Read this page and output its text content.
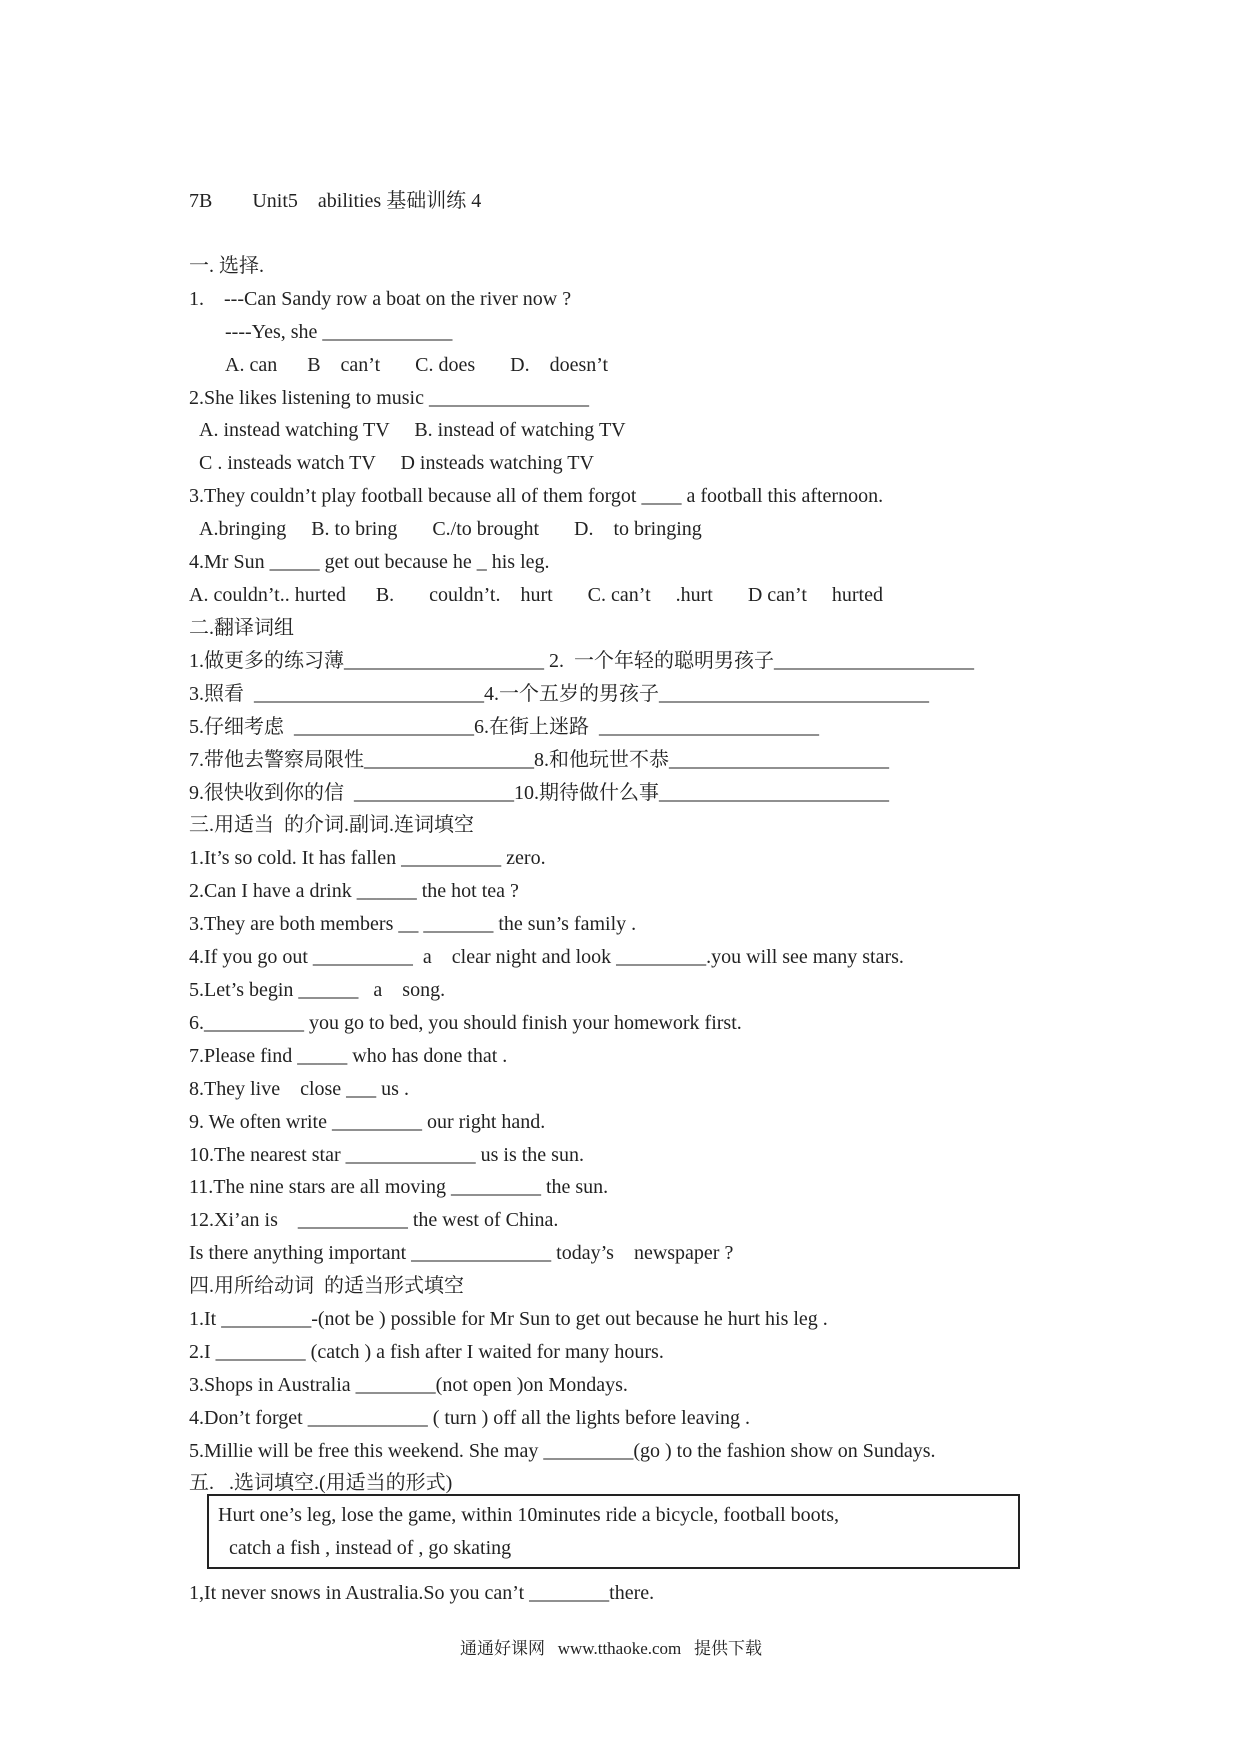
7B        Unit5    abilities 基础训练 4
一. 选择.
1.    ---Can Sandy row a boat on the river now ?
----Yes, she _____________
A. can      B    can’t       C. does       D.    doesn’t
2.She likes listening to music ________________
A. instead watching TV     B. instead of watching TV
C . insteads watch TV     D insteads watching TV
3.They couldn’t play football because all of them forgot ____ a football this afternoon.
A.bringing     B. to bring       C./to brought       D.    to bringing
4.Mr Sun _____ get out because he _ his leg.
A. couldn’t.. hurted      B.       couldn’t.    hurt       C. can’t     .hurt       D can’t     hurted
二.翻译词组
1.做更多的练习薄____________________ 2.  一个年轻的聪明男孩子____________________
3.照看  _______________________4.一个五岁的男孩子___________________________
5.仔细考虑  __________________6.在街上迷路  ______________________
7.带他去警察局限性_________________8.和他玩世不恭______________________
9.很快收到你的信  ________________10.期待做什么事_______________________
三.用适当  的介词.副词.连词填空
1.It’s so cold. It has fallen __________ zero.
2.Can I have a drink ______ the hot tea ?
3.They are both members __ _______ the sun’s family .
4.If you go out __________  a    clear night and look _________.you will see many stars.
5.Let’s begin ______   a    song.
6.__________ you go to bed, you should finish your homework first.
7.Please find _____ who has done that .
8.They live    close ___ us .
9. We often write _________ our right hand.
10.The nearest star _____________ us is the sun.
11.The nine stars are all moving _________ the sun.
12.Xi’an is    ___________ the west of China.
Is there anything important ______________ today’s    newspaper ?
四.用所给动词  的适当形式填空
1.It _________-(not be ) possible for Mr Sun to get out because he hurt his leg .
2.I _________ (catch ) a fish after I waited for many hours.
3.Shops in Australia ________(not open )on Mondays.
4.Don’t forget ____________ ( turn ) off all the lights before leaving .
5.Millie will be free this weekend. She may _________(go ) to the fashion show on Sundays.
五.   .选词填空.(用适当的形式)
Hurt one’s leg, lose the game, within 10minutes ride a bicycle, football boots,
catch a fish , instead of , go skating
1,It never snows in Australia.So you can’t ________there.
通通好课网   www.tthaoke.com   提供下载
